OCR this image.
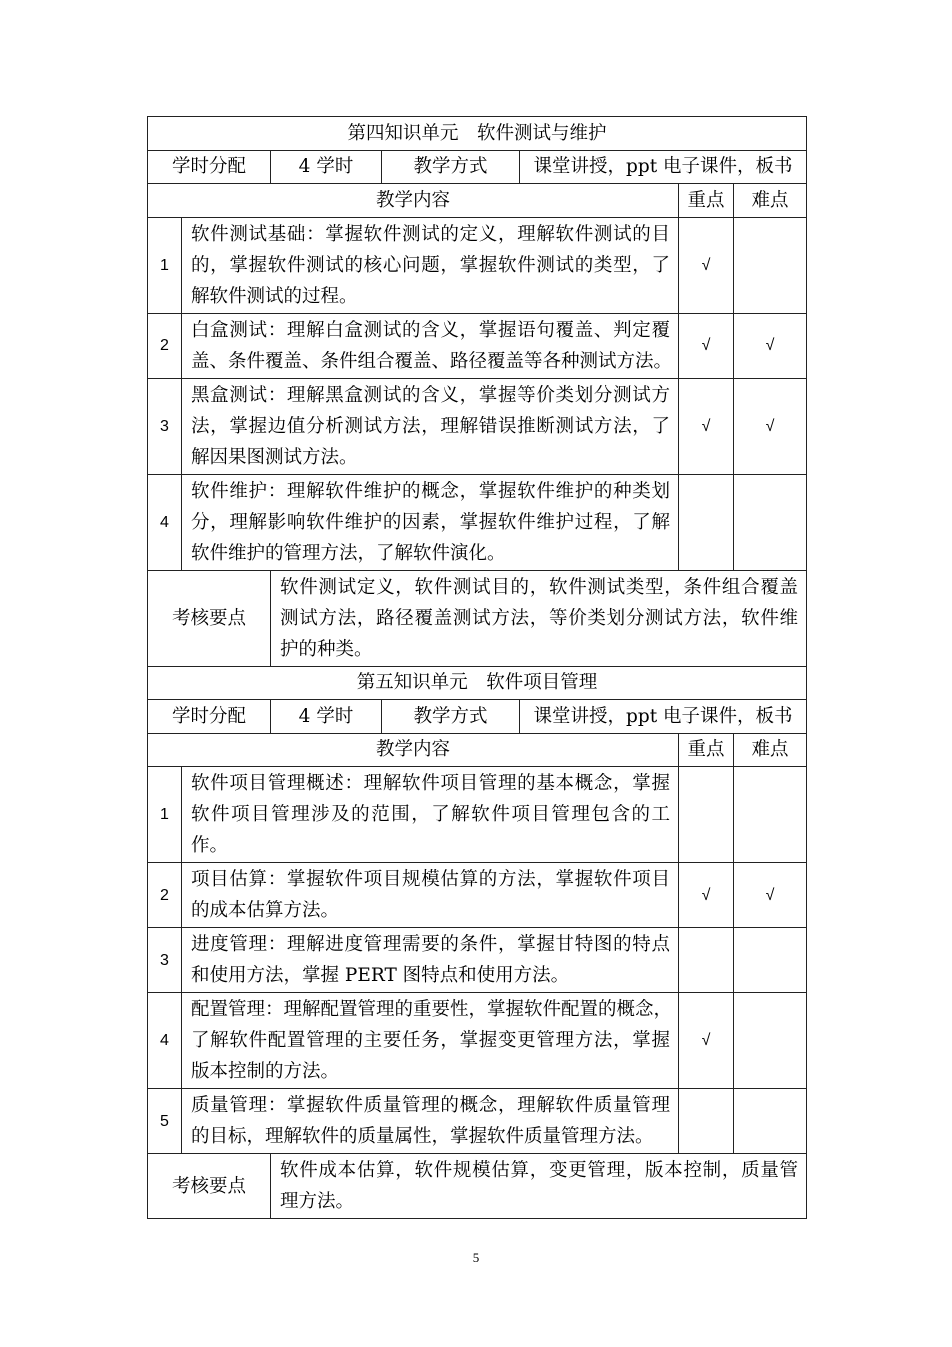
第四知识单元　软件测试与维护						
学时分配		4 学时	教学方式	课堂讲授，ppt 电子课件，板书		
教学内容					重点	难点
1	软件测试基础：掌握软件测试的定义，理解软件测试的目
的，掌握软件测试的核心问题，掌握软件测试的类型，了
解软件测试的过程。				√	
2	白盒测试：理解白盒测试的含义，掌握语句覆盖、判定覆
盖、条件覆盖、条件组合覆盖、路径覆盖等各种测试方法。				√	√
3	黑盒测试：理解黑盒测试的含义，掌握等价类划分测试方
法，掌握边值分析测试方法，理解错误推断测试方法，了
解因果图测试方法。				√	√
4	软件维护：理解软件维护的概念，掌握软件维护的种类划
分，理解影响软件维护的因素，掌握软件维护过程，了解
软件维护的管理方法，了解软件演化。					

考核要点		软件测试定义，软件测试目的，软件测试类型，条件组合覆盖
测试方法，路径覆盖测试方法，等价类划分测试方法，软件维
护的种类。				

第五知识单元　软件项目管理						
学时分配		4 学时	教学方式	课堂讲授，ppt 电子课件，板书		
教学内容					重点	难点
1	软件项目管理概述：理解软件项目管理的基本概念，掌握
软件项目管理涉及的范围，了解软件项目管理包含的工
作。					

2	项目估算：掌握软件项目规模估算的方法，掌握软件项目
的成本估算方法。				√	√
3	进度管理：理解进度管理需要的条件，掌握甘特图的特点
和使用方法，掌握 PERT 图特点和使用方法。					

4	配置管理：理解配置管理的重要性，掌握软件配置的概念，
了解软件配置管理的主要任务，掌握变更管理方法，掌握
版本控制的方法。				√	
5	质量管理：掌握软件质量管理的概念，理解软件质量管理
的目标，理解软件的质量属性，掌握软件质量管理方法。					

考核要点		软件成本估算，软件规模估算，变更管理，版本控制，质量管
理方法。				
5
